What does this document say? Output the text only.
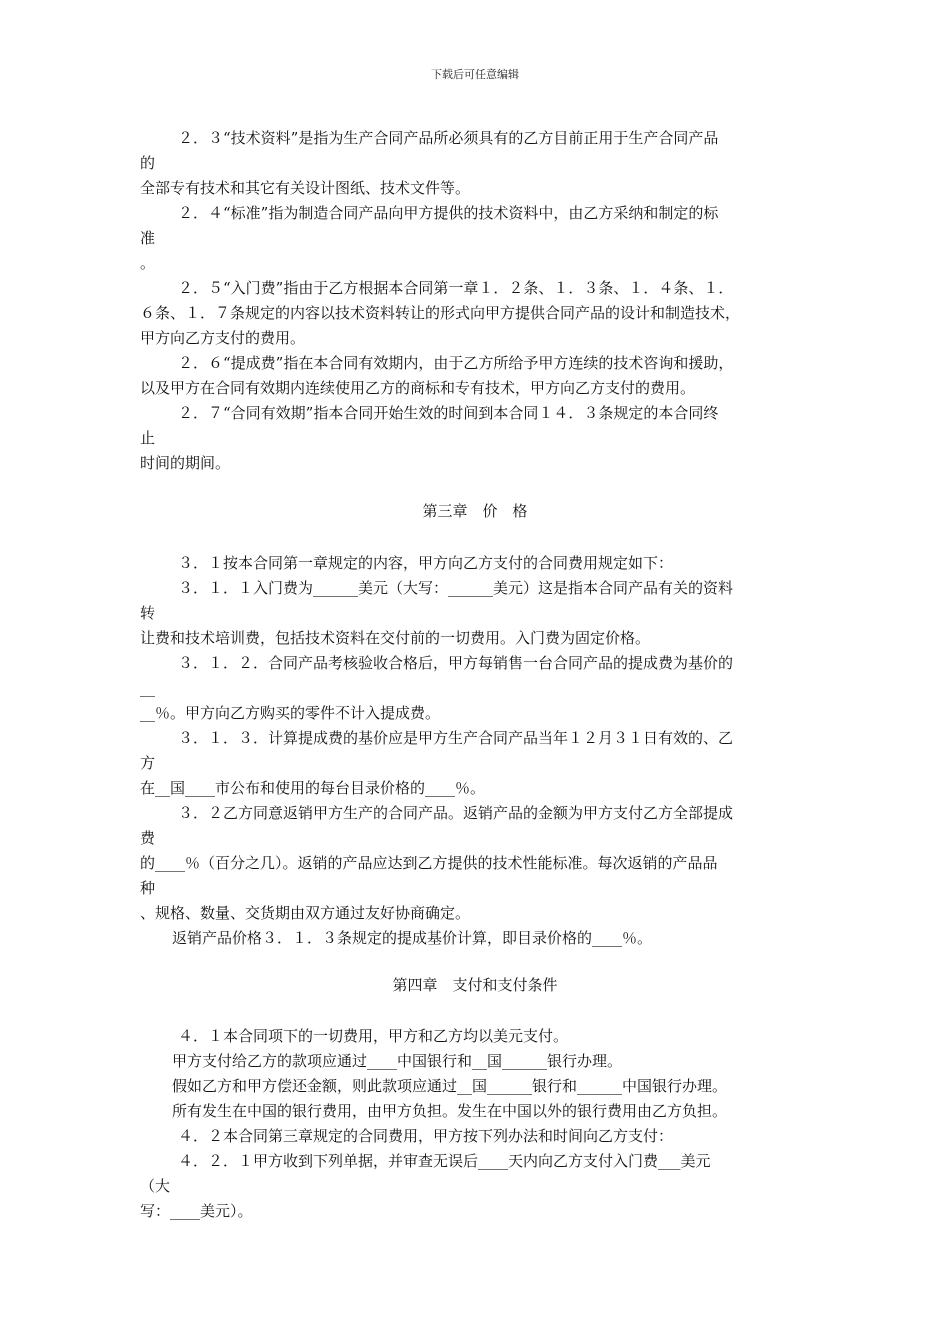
下载后可任意编辑
２．３“技术资料”是指为生产合同产品所必须具有的乙方目前正用于生产合同产品
的
全部专有技术和其它有关设计图纸、技术文件等。
２．４“标准”指为制造合同产品向甲方提供的技术资料中，由乙方采纳和制定的标
准
。
２．５“入门费”指由于乙方根据本合同第一章１．２条、１．３条、１．４条、１．
６条、１．７条规定的内容以技术资料转让的形式向甲方提供合同产品的设计和制造技术，
甲方向乙方支付的费用。
２．６“提成费”指在本合同有效期内，由于乙方所给予甲方连续的技术咨询和援助，
以及甲方在合同有效期内连续使用乙方的商标和专有技术，甲方向乙方支付的费用。
２．７“合同有效期”指本合同开始生效的时间到本合同１４．３条规定的本合同终
止
时间的期间。
第三章　价　格
３．１按本合同第一章规定的内容，甲方向乙方支付的合同费用规定如下：
３．１．１入门费为______美元（大写：______美元）这是指本合同产品有关的资料
转
让费和技术培训费，包括技术资料在交付前的一切费用。入门费为固定价格。
３．１．２．合同产品考核验收合格后，甲方每销售一台合同产品的提成费为基价的
__
__％。甲方向乙方购买的零件不计入提成费。
３．１．３．计算提成费的基价应是甲方生产合同产品当年１２月３１日有效的、乙
方
在__国____市公布和使用的每台目录价格的____％。
３．２乙方同意返销甲方生产的合同产品。返销产品的金额为甲方支付乙方全部提成
费
的____％（百分之几）。返销的产品应达到乙方提供的技术性能标准。每次返销的产品品
种
、规格、数量、交货期由双方通过友好协商确定。
返销产品价格３．１．３条规定的提成基价计算，即目录价格的____％。
第四章　支付和支付条件
４．１本合同项下的一切费用，甲方和乙方均以美元支付。
甲方支付给乙方的款项应通过____中国银行和__国______银行办理。
假如乙方和甲方偿还金额，则此款项应通过__国______银行和______中国银行办理。
所有发生在中国的银行费用，由甲方负担。发生在中国以外的银行费用由乙方负担。
４．２本合同第三章规定的合同费用，甲方按下列办法和时间向乙方支付：
４．２．１甲方收到下列单据，并审查无误后____天内向乙方支付入门费___美元
（大
写：____美元）。
